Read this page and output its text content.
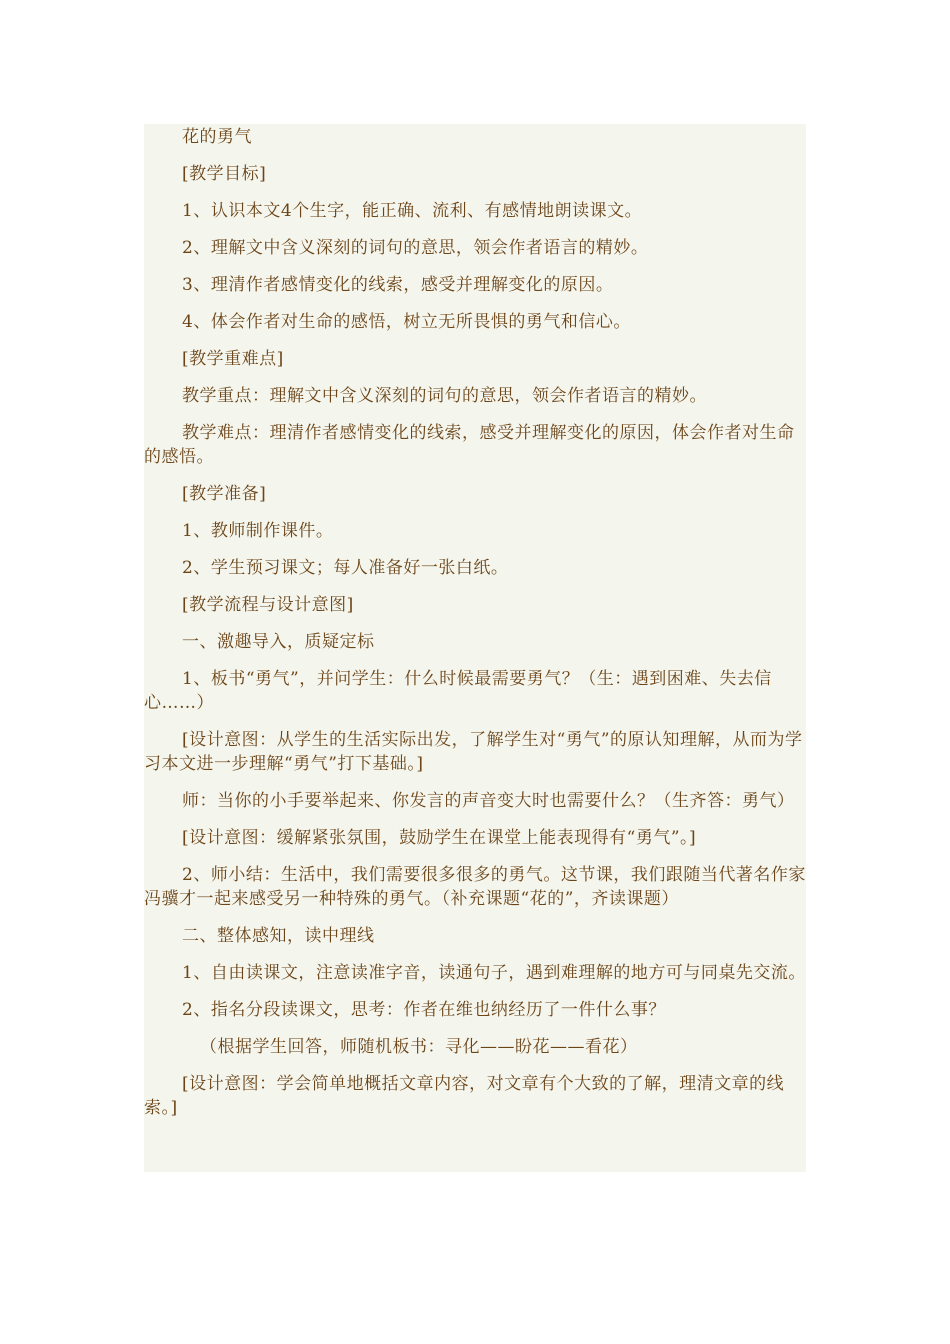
花的勇气

[教学目标]

1、认识本文4个生字，能正确、流利、有感情地朗读课文。

2、理解文中含义深刻的词句的意思，领会作者语言的精妙。

3、理清作者感情变化的线索，感受并理解变化的原因。

4、体会作者对生命的感悟，树立无所畏惧的勇气和信心。

[教学重难点]

教学重点：理解文中含义深刻的词句的意思，领会作者语言的精妙。

教学难点：理清作者感情变化的线索，感受并理解变化的原因，体会作者对生命的感悟。

[教学准备]

1、教师制作课件。

2、学生预习课文；每人准备好一张白纸。

[教学流程与设计意图]

一、激趣导入，质疑定标

1、板书“勇气”，并问学生：什么时候最需要勇气？（生：遇到困难、失去信心……）

[设计意图：从学生的生活实际出发，了解学生对“勇气”的原认知理解，从而为学习本文进一步理解“勇气”打下基础。]

师：当你的小手要举起来、你发言的声音变大时也需要什么？（生齐答：勇气）

[设计意图：缓解紧张氛围，鼓励学生在课堂上能表现得有“勇气”。]

2、师小结：生活中，我们需要很多很多的勇气。这节课，我们跟随当代著名作家冯骥才一起来感受另一种特殊的勇气。（补充课题“花的”，齐读课题）

二、整体感知，读中理线

1、自由读课文，注意读准字音，读通句子，遇到难理解的地方可与同桌先交流。

2、指名分段读课文，思考：作者在维也纳经历了一件什么事？

（根据学生回答，师随机板书：寻化——盼花——看花）

[设计意图：学会简单地概括文章内容，对文章有个大致的了解，理清文章的线索。]
